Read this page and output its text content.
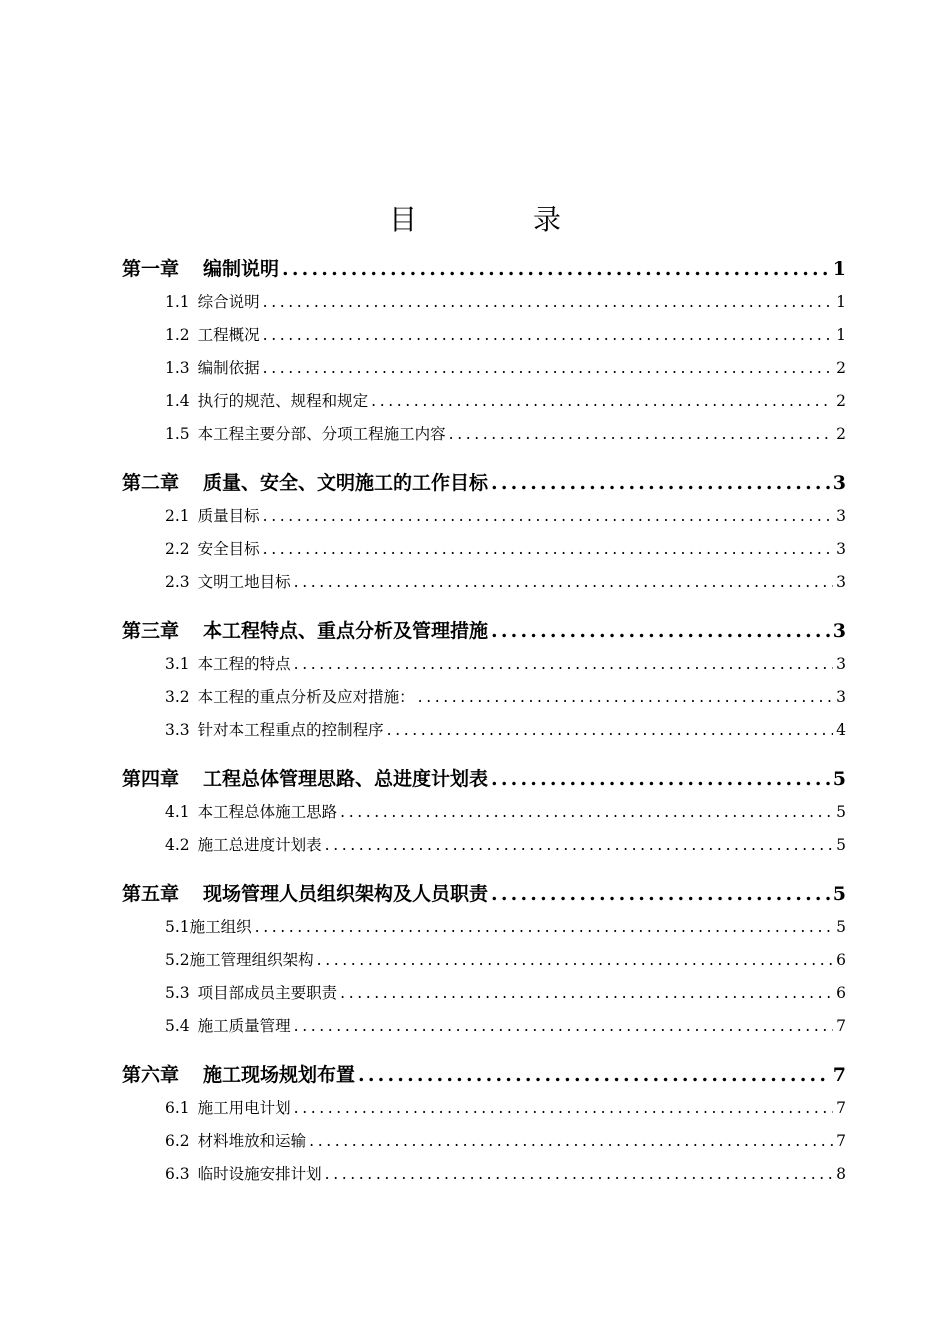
目　录
第一章 编制说明 .....	1
1.1 综合说明 .....	1
1.2 工程概况 .....	1
1.3 编制依据 .....	2
1.4 执行的规范、规程和规定 .....	2
1.5 本工程主要分部、分项工程施工内容 .....	2
第二章 质量、安全、文明施工的工作目标 .....	3
2.1 质量目标 .....	3
2.2 安全目标 .....	3
2.3 文明工地目标 .....	3
第三章 本工程特点、重点分析及管理措施 .....	3
3.1 本工程的特点 .....	3
3.2 本工程的重点分析及应对措施： .....	3
3.3 针对本工程重点的控制程序 .....	4
第四章 工程总体管理思路、总进度计划表 .....	5
4.1 本工程总体施工思路 .....	5
4.2 施工总进度计划表 .....	5
第五章 现场管理人员组织架构及人员职责 .....	5
5.1 施工组织 .....	5
5.2 施工管理组织架构 .....	6
5.3 项目部成员主要职责 .....	6
5.4 施工质量管理 .....	7
第六章 施工现场规划布置 .....	7
6.1 施工用电计划 .....	7
6.2 材料堆放和运输 .....	7
6.3 临时设施安排计划 .....	8
